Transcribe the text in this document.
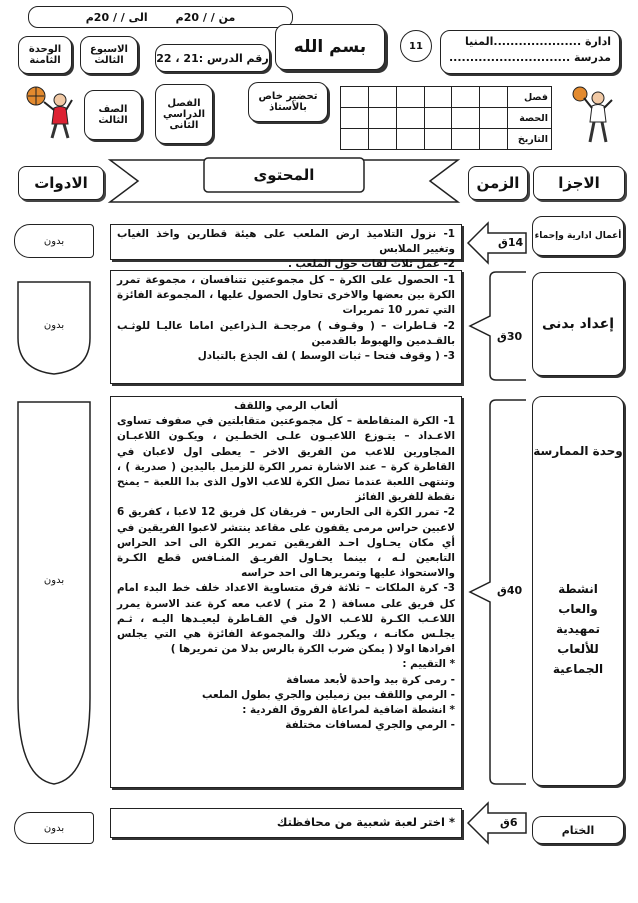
من / / 20م
الى / / 20م
ادارة .....................المنيا
مدرسة .............................
11
بسم الله
رقم الدرس :21 ، 22
الاسبوع الثالث
الوحدة الثامنة
الصف الثالث
الفصل الدراسي الثانى
تحضير خاص بالأستاذ
فصل						
الحصة						
التاريخ						
الاجزا
الزمن
المحتوى
الادوات
أعمال ادارية وإحماء
14ق

1- نزول التلاميذ ارض الملعب على هيئة قطارين واخذ الغياب وتغيير الملابس

2- عمل ثلاث لفات حول الملعب .

بدون
إعداد بدنى
30ق

1- الحصول على الكرة – كل مجموعتين تتنافسان ، مجموعة تمرر الكرة بين بعضها والاخرى تحاول الحصول عليها ، المجموعة الفائزة التي تمرر 10 تمريرات

2- قـاطرات – ( وقـوف ) مرجحـة الـذراعين اماما عاليـا للوثـب بالقـدمين والهبوط بالقدمين

3- ( وقوف فتحا – ثبات الوسط ) لف الجذع بالتبادل

بدون
وحدة الممارسة
انشطة والعاب تمهيدية للألعاب الجماعية
40ق

ألعاب الرمي واللقف

1- الكرة المتقاطعة – كل مجموعتين متقابلتين في صفوف تساوى الاعـداد – يتـوزع اللاعبـون علـى الخطـين ، ويكـون اللاعبـان المجاورين للاعب من الفريق الاخر – يعطى اول لاعبان في القاطرة كرة – عند الاشارة تمرر الكرة للزميل باليدين ( صدرية ) ، وتنتهى اللعبة عندما تصل الكرة للاعب الاول الذى بدا اللعبة – يمنح نقطة للفريق الفائز

2- تمرر الكرة الى الحارس – فريقان كل فريق 12 لاعبا ، كفريق 6 لاعبين حراس مرمى يقفون على مقاعد ينتشر لاعبوا الفريقين في أي مكان يحـاول احـد الفريقين تمرير الكرة الى احد الحراس التابعين لـه ، بينما يحـاول الفريـق المنـافس قطع الكـرة والاستحواذ عليها وتمريرها الى احد حراسه

3- كرة الملكات – ثلاثة فرق متساوية الاعداد خلف خط البدء امام كل فريق على مسافة ( 2 متر ) لاعب معه كرة عند الاسرة يمرر اللاعـب الكـرة للاعـب الاول في القـاطرة ليعيـدها اليـه ، ثـم يجلـس مكانـه ، ويكرر ذلك والمجموعة الفائزة هي التي يجلس افرادها اولا ( يمكن ضرب الكرة بالرس بدلا من تمريرها )

* التقييم :

- رمى كرة بيد واحدة لأبعد مسافة

- الرمي واللقف بين زميلين والجري بطول الملعب

* انشطة اضافية لمراعاة الفروق الفردية :

- الرمي والجري لمسافات مختلفة

بدون
الختام
6ق

* اختر لعبة شعبية من محافظتك

بدون
